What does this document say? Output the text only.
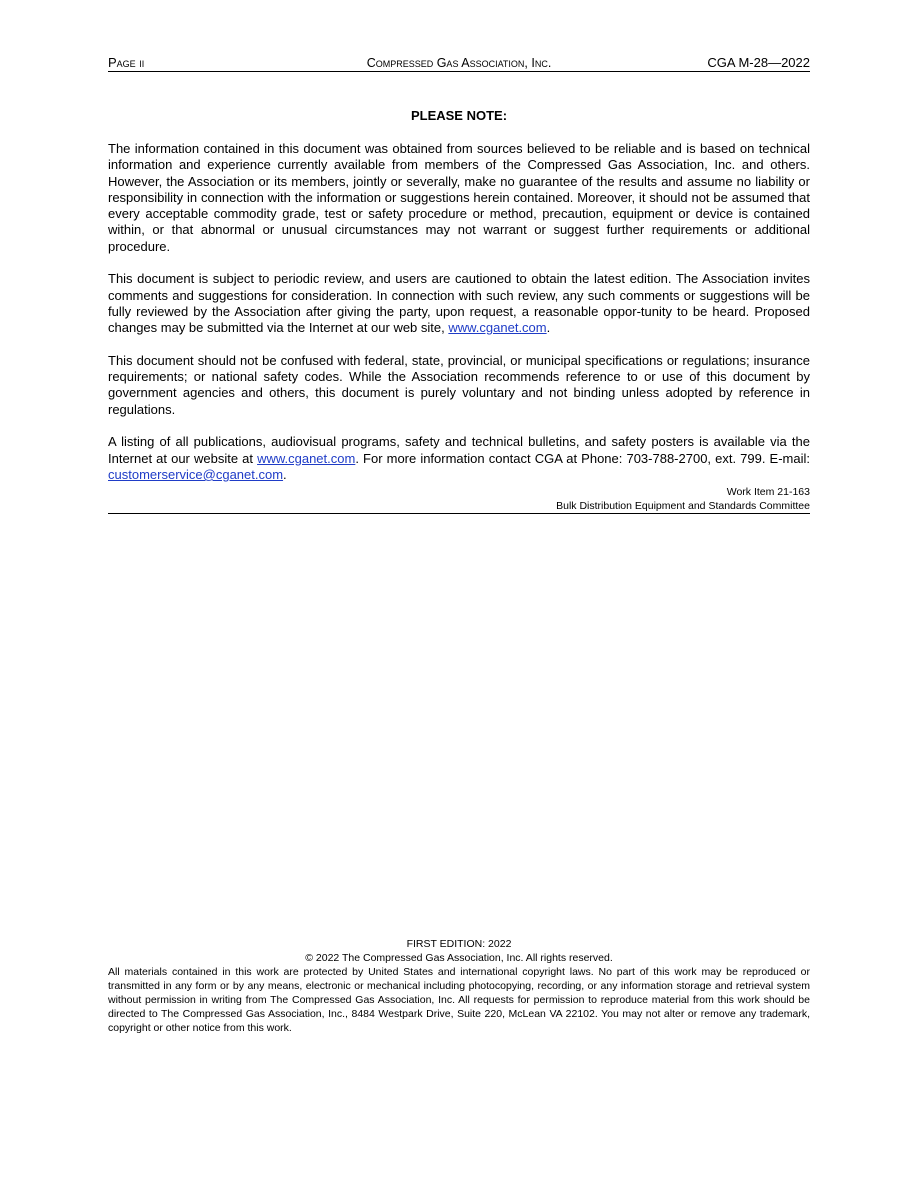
Page ii	Compressed Gas Association, Inc.	CGA M-28—2022
PLEASE NOTE:

The information contained in this document was obtained from sources believed to be reliable and is based on technical information and experience currently available from members of the Compressed Gas Association, Inc. and others. However, the Association or its members, jointly or severally, make no guarantee of the results and assume no liability or responsibility in connection with the information or suggestions herein contained. Moreover, it should not be assumed that every acceptable commodity grade, test or safety procedure or method, precaution, equipment or device is contained within, or that abnormal or unusual circumstances may not warrant or suggest further requirements or additional procedure.

This document is subject to periodic review, and users are cautioned to obtain the latest edition. The Association invites comments and suggestions for consideration. In connection with such review, any such comments or suggestions will be fully reviewed by the Association after giving the party, upon request, a reasonable oppor-tunity to be heard. Proposed changes may be submitted via the Internet at our web site, www.cganet.com.

This document should not be confused with federal, state, provincial, or municipal specifications or regulations; insurance requirements; or national safety codes. While the Association recommends reference to or use of this document by government agencies and others, this document is purely voluntary and not binding unless adopted by reference in regulations.

A listing of all publications, audiovisual programs, safety and technical bulletins, and safety posters is available via the Internet at our website at www.cganet.com. For more information contact CGA at Phone: 703-788-2700, ext. 799. E-mail: customerservice@cganet.com.

Work Item 21-163
Bulk Distribution Equipment and Standards Committee
FIRST EDITION: 2022
© 2022 The Compressed Gas Association, Inc. All rights reserved.
All materials contained in this work are protected by United States and international copyright laws. No part of this work may be reproduced or transmitted in any form or by any means, electronic or mechanical including photocopying, recording, or any information storage and retrieval system without permission in writing from The Compressed Gas Association, Inc. All requests for permission to reproduce material from this work should be directed to The Compressed Gas Association, Inc., 8484 Westpark Drive, Suite 220, McLean VA 22102. You may not alter or remove any trademark, copyright or other notice from this work.
